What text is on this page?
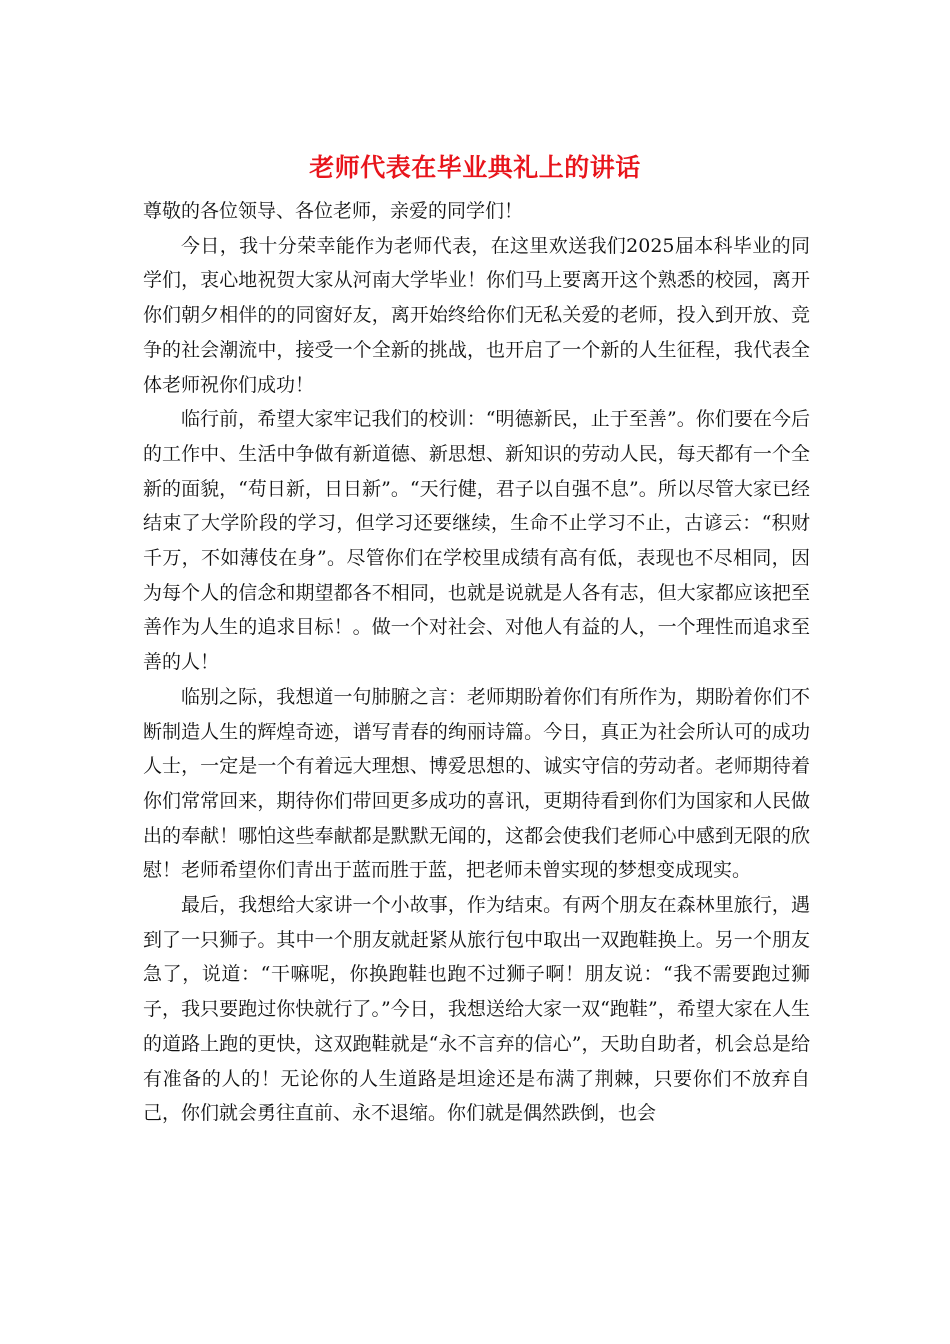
老师代表在毕业典礼上的讲话

尊敬的各位领导、各位老师，亲爱的同学们！

今日，我十分荣幸能作为老师代表，在这里欢送我们2025届本科毕业的同学们，衷心地祝贺大家从河南大学毕业！你们马上要离开这个熟悉的校园，离开你们朝夕相伴的的同窗好友，离开始终给你们无私关爱的老师，投入到开放、竞争的社会潮流中，接受一个全新的挑战，也开启了一个新的人生征程，我代表全体老师祝你们成功！

临行前，希望大家牢记我们的校训：“明德新民，止于至善”。你们要在今后的工作中、生活中争做有新道德、新思想、新知识的劳动人民，每天都有一个全新的面貌，“苟日新，日日新”。“天行健，君子以自强不息”。所以尽管大家已经结束了大学阶段的学习，但学习还要继续，生命不止学习不止，古谚云：“积财千万，不如薄伎在身”。尽管你们在学校里成绩有高有低，表现也不尽相同，因为每个人的信念和期望都各不相同，也就是说就是人各有志，但大家都应该把至善作为人生的追求目标！。做一个对社会、对他人有益的人，一个理性而追求至善的人！

临别之际，我想道一句肺腑之言：老师期盼着你们有所作为，期盼着你们不断制造人生的辉煌奇迹，谱写青春的绚丽诗篇。今日，真正为社会所认可的成功人士，一定是一个有着远大理想、博爱思想的、诚实守信的劳动者。老师期待着你们常常回来，期待你们带回更多成功的喜讯，更期待看到你们为国家和人民做出的奉献！哪怕这些奉献都是默默无闻的，这都会使我们老师心中感到无限的欣慰！老师希望你们青出于蓝而胜于蓝，把老师未曾实现的梦想变成现实。

最后，我想给大家讲一个小故事，作为结束。有两个朋友在森林里旅行，遇到了一只狮子。其中一个朋友就赶紧从旅行包中取出一双跑鞋换上。另一个朋友急了，说道：“干嘛呢，你换跑鞋也跑不过狮子啊！朋友说：“我不需要跑过狮子，我只要跑过你快就行了。”今日，我想送给大家一双“跑鞋”，希望大家在人生的道路上跑的更快，这双跑鞋就是“永不言弃的信心”，天助自助者，机会总是给有准备的人的！无论你的人生道路是坦途还是布满了荆棘，只要你们不放弃自己，你们就会勇往直前、永不退缩。你们就是偶然跌倒，也会
